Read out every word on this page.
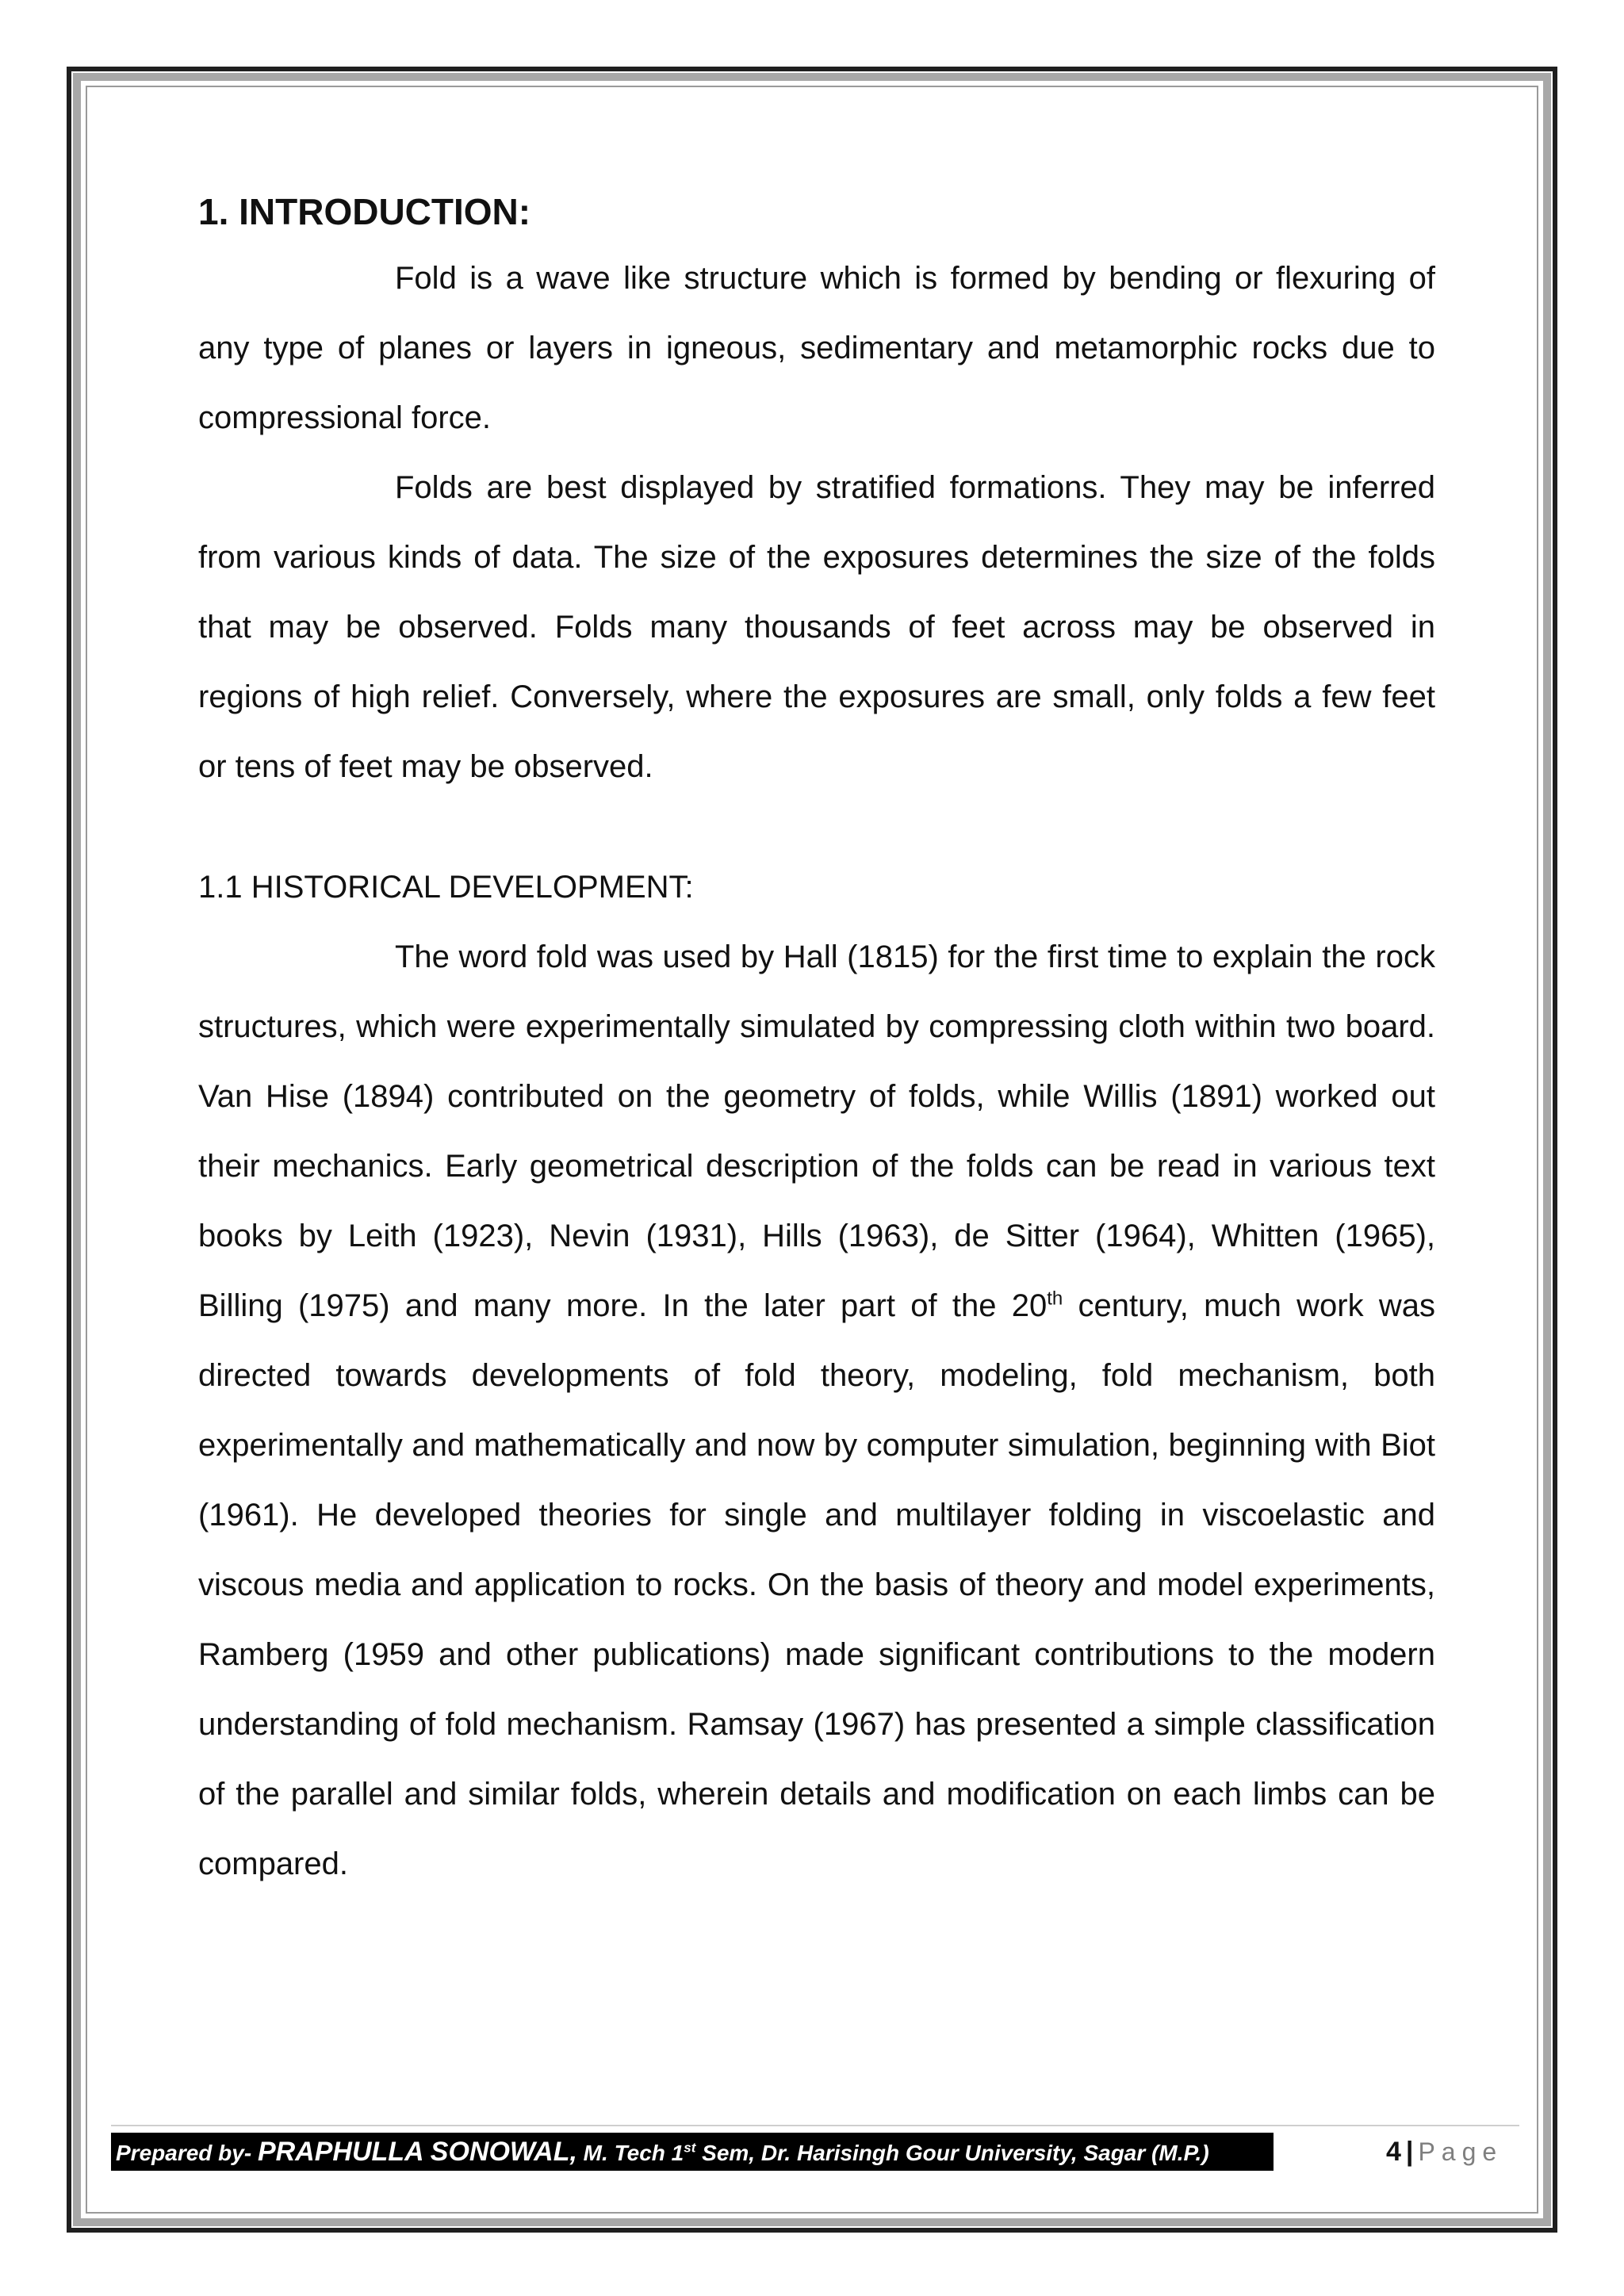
1. INTRODUCTION:

Fold is a wave like structure which is formed by bending or flexuring of any type of planes or layers in igneous, sedimentary and metamorphic rocks due to compressional force.

Folds are best displayed by stratified formations. They may be inferred from various kinds of data. The size of the exposures determines the size of the folds that may be observed. Folds many thousands of feet across may be observed in regions of high relief. Conversely, where the exposures are small, only folds a few feet or tens of feet may be observed.

1.1 HISTORICAL DEVELOPMENT:

The word fold was used by Hall (1815) for the first time to explain the rock structures, which were experimentally simulated by compressing cloth within two board. Van Hise (1894) contributed on the geometry of folds, while Willis (1891) worked out their mechanics. Early geometrical description of the folds can be read in various text books by Leith (1923), Nevin (1931), Hills (1963), de Sitter (1964), Whitten (1965), Billing (1975) and many more. In the later part of the 20th century, much work was directed towards developments of fold theory, modeling, fold mechanism, both experimentally and mathematically and now by computer simulation, beginning with Biot (1961). He developed theories for single and multilayer folding in viscoelastic and viscous media and application to rocks. On the basis of theory and model experiments, Ramberg (1959 and other publications) made significant contributions to the modern understanding of fold mechanism. Ramsay (1967) has presented a simple classification of the parallel and similar folds, wherein details and modification on each limbs can be compared.

Prepared by- PRAPHULLA SONOWAL, M. Tech 1st Sem, Dr. Harisingh Gour University, Sagar (M.P.)	4 | Page
